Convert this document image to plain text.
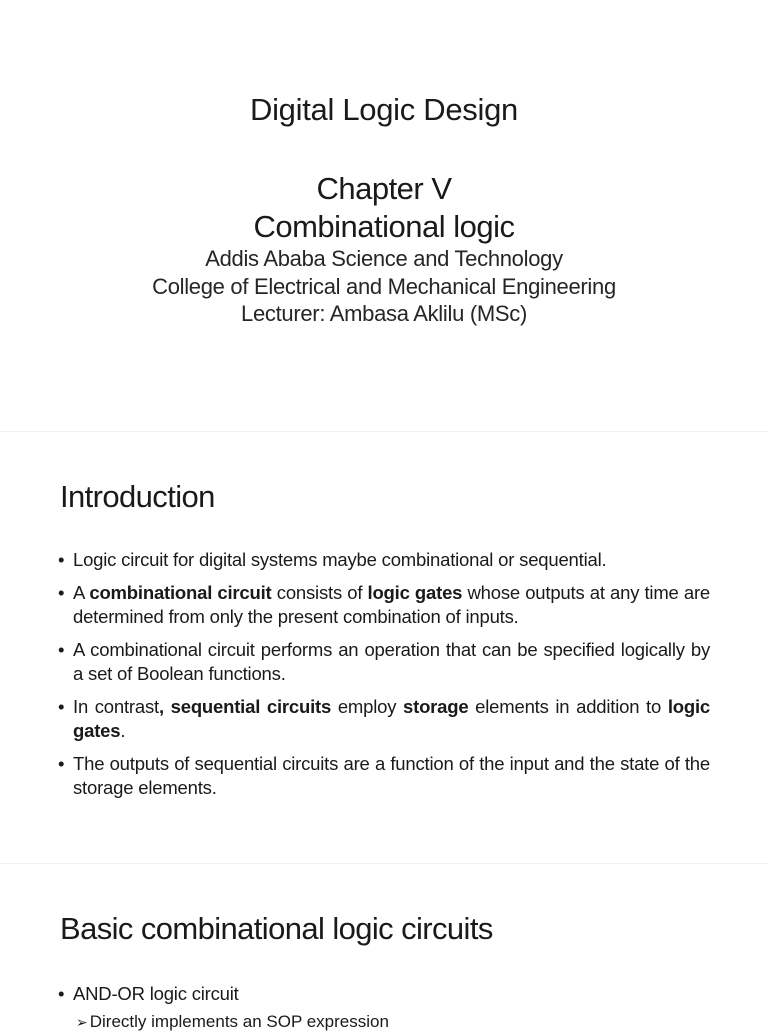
Digital Logic Design
Chapter V
Combinational logic
Addis Ababa Science and Technology
College of Electrical and Mechanical Engineering
Lecturer: Ambasa Aklilu (MSc)
Introduction
• Logic circuit for digital systems maybe combinational or sequential.
• A combinational circuit consists of logic gates whose outputs at any time are determined from only the present combination of inputs.
• A combinational circuit performs an operation that can be specified logically by a set of Boolean functions.
• In contrast, sequential circuits employ storage elements in addition to logic gates.
• The outputs of sequential circuits are a function of the input and the state of the storage elements.
Basic combinational logic circuits
• AND-OR logic circuit
➢ Directly implements an SOP expression
